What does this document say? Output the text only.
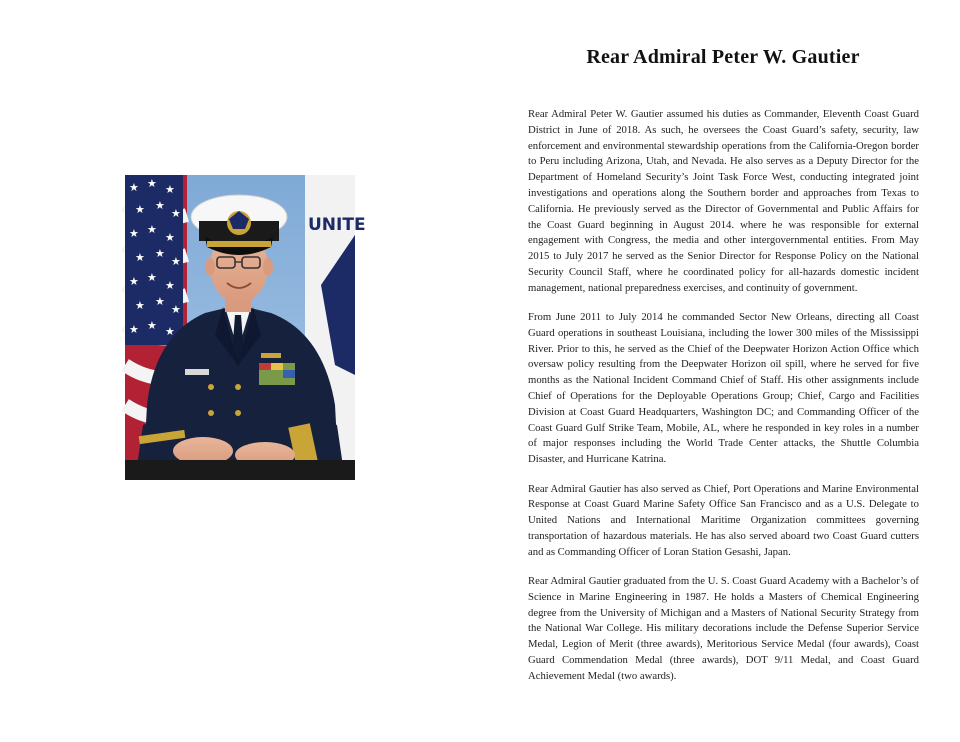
★ ★ ★
★ ★
★
★ ★
★
★ ★
★
★ ★
★
★ ★
★
★ ★ ★
UNITE
Rear Admiral Peter W. Gautier

Rear Admiral Peter W. Gautier assumed his duties as Commander, Eleventh Coast Guard District in June of 2018. As such, he oversees the Coast Guard’s safety, security, law enforcement and environmental stewardship operations from the California-Oregon border to Peru including Arizona, Utah, and Nevada. He also serves as a Deputy Director for the Department of Homeland Security’s Joint Task Force West, conducting integrated joint investigations and operations along the Southern border and approaches from Texas to California. He previously served as the Director of Governmental and Public Affairs for the Coast Guard beginning in August 2014. where he was responsible for external engagement with Congress, the media and other intergovernmental entities. From May 2015 to July 2017 he served as the Senior Director for Response Policy on the National Security Council Staff, where he coordinated policy for all-hazards domestic incident management, national preparedness exercises, and continuity of government.

From June 2011 to July 2014 he commanded Sector New Orleans, directing all Coast Guard operations in southeast Louisiana, including the lower 300 miles of the Mississippi River. Prior to this, he served as the Chief of the Deepwater Horizon Action Office which oversaw policy resulting from the Deepwater Horizon oil spill, where he served for five months as the National Incident Command Chief of Staff. His other assignments include Chief of Operations for the Deployable Operations Group; Chief, Cargo and Facilities Division at Coast Guard Headquarters, Washington DC; and Commanding Officer of the Coast Guard Gulf Strike Team, Mobile, AL, where he responded in key roles in a number of major responses including the World Trade Center attacks, the Shuttle Columbia Disaster, and Hurricane Katrina.

Rear Admiral Gautier has also served as Chief, Port Operations and Marine Environmental Response at Coast Guard Marine Safety Office San Francisco and as a U.S. Delegate to United Nations and International Maritime Organization committees governing transportation of hazardous materials. He has also served aboard two Coast Guard cutters and as Commanding Officer of Loran Station Gesashi, Japan.

Rear Admiral Gautier graduated from the U. S. Coast Guard Academy with a Bachelor’s of Science in Marine Engineering in 1987. He holds a Masters of Chemical Engineering degree from the University of Michigan and a Masters of National Security Strategy from the National War College. His military decorations include the Defense Superior Service Medal, Legion of Merit (three awards), Meritorious Service Medal (four awards), Coast Guard Commendation Medal (three awards), DOT 9/11 Medal, and Coast Guard Achievement Medal (two awards).
